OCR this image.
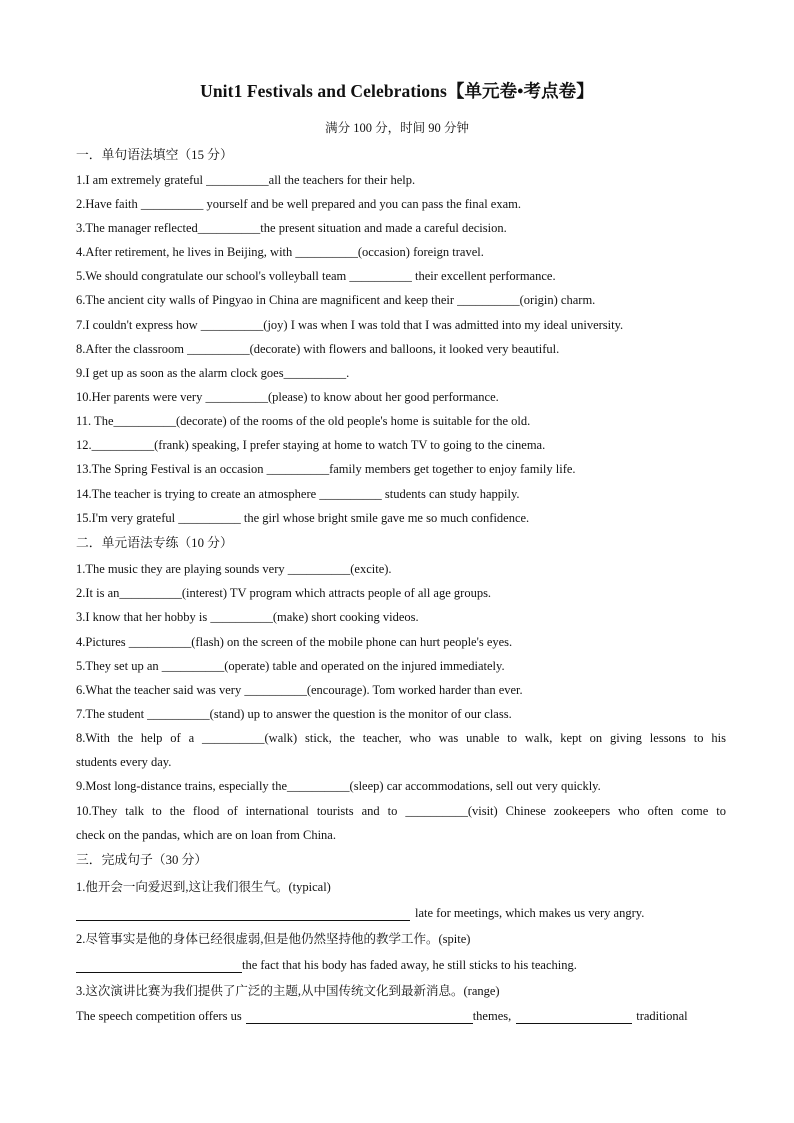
Unit1 Festivals and Celebrations【单元卷•考点卷】
满分 100 分，时间 90 分钟
一．单句语法填空（15 分）
1.I am extremely grateful __________all the teachers for their help.
2.Have faith __________ yourself and be well prepared and you can pass the final exam.
3.The manager reflected__________the present situation and made a careful decision.
4.After retirement, he lives in Beijing, with __________(occasion) foreign travel.
5.We should congratulate our school's volleyball team __________ their excellent performance.
6.The ancient city walls of Pingyao in China are magnificent and keep their __________(origin) charm.
7.I couldn't express how __________(joy) I was when I was told that I was admitted into my ideal university.
8.After the classroom __________(decorate) with flowers and balloons, it looked very beautiful.
9.I get up as soon as the alarm clock goes__________.
10.Her parents were very __________(please) to know about her good performance.
11. The__________(decorate) of the rooms of the old people's home is suitable for the old.
12.__________(frank) speaking, I prefer staying at home to watch TV to going to the cinema.
13.The Spring Festival is an occasion __________family members get together to enjoy family life.
14.The teacher is trying to create an atmosphere __________ students can study happily.
15.I'm very grateful __________ the girl whose bright smile gave me so much confidence.
二．单元语法专练（10 分）
1.The music they are playing sounds very __________(excite).
2.It is an__________(interest) TV program which attracts people of all age groups.
3.I know that her hobby is __________(make) short cooking videos.
4.Pictures __________(flash) on the screen of the mobile phone can hurt people's eyes.
5.They set up an __________(operate) table and operated on the injured immediately.
6.What the teacher said was very __________(encourage). Tom worked harder than ever.
7.The student __________(stand) up to answer the question is the monitor of our class.
8.With the help of a __________(walk) stick, the teacher, who was unable to walk, kept on giving lessons to his
students every day.
9.Most long-distance trains, especially the__________(sleep) car accommodations, sell out very quickly.
10.They talk to the flood of international tourists and to __________(visit) Chinese zookeepers who often come to
check on the pandas, which are on loan from China.
三．完成句子（30 分）
1.他开会一向爱迟到,这让我们很生气。(typical)
late for meetings, which makes us very angry.
2.尽管事实是他的身体已经很虚弱,但是他仍然坚持他的教学工作。(spite)
the fact that his body has faded away, he still sticks to his teaching.
3.这次演讲比赛为我们提供了广泛的主题,从中国传统文化到最新消息。(range)
The speech competition offers us	themes,	traditional
